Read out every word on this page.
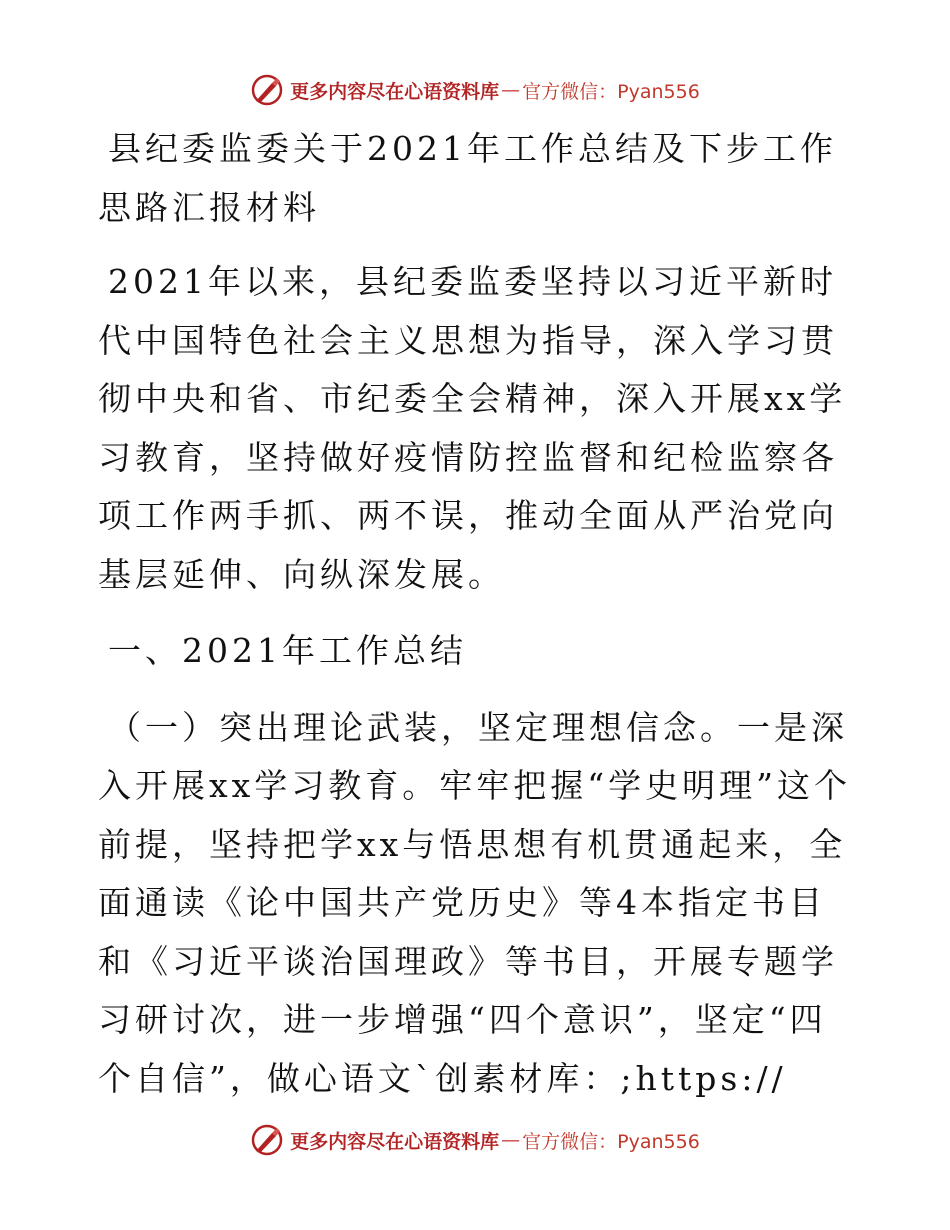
更多内容尽在心语资料库 — 官方微信：Pyan556

县纪委监委关于2021年工作总结及下步工作思路汇报材料

2021年以来，县纪委监委坚持以习近平新时代中国特色社会主义思想为指导，深入学习贯彻中央和省、市纪委全会精神，深入开展xx学习教育，坚持做好疫情防控监督和纪检监察各项工作两手抓、两不误，推动全面从严治党向基层延伸、向纵深发展。

一、2021年工作总结

（一）突出理论武装，坚定理想信念。一是深入开展xx学习教育。牢牢把握“学史明理”这个前提，坚持把学xx与悟思想有机贯通起来，全面通读《论中国共产党历史》等4本指定书目和《习近平谈治国理政》等书目，开展专题学习研讨次，进一步增强“四个意识”，坚定“四个自信”，做心语文`创素材库：;https://

更多内容尽在心语资料库 — 官方微信：Pyan556
